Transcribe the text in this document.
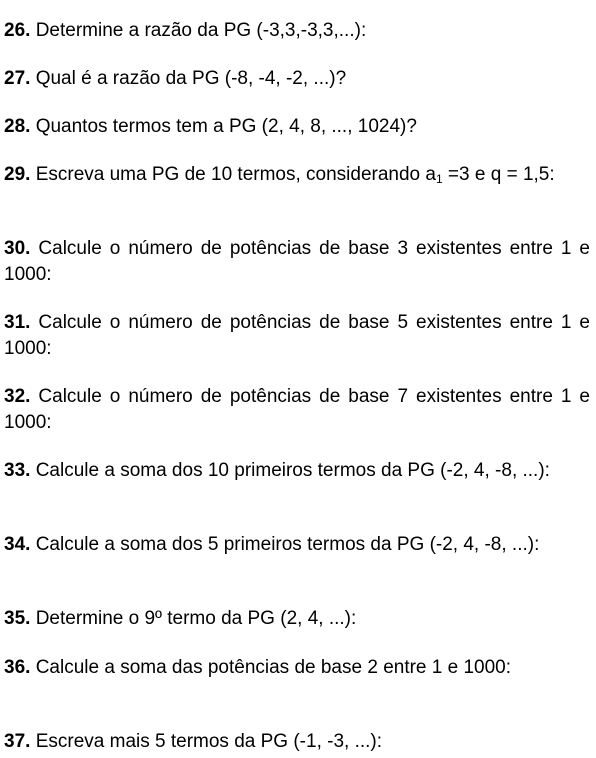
26. Determine a razão da PG (-3,3,-3,3,...):
27. Qual é a razão da PG (-8, -4, -2, ...)?
28. Quantos termos tem a PG (2, 4, 8, ..., 1024)?
29. Escreva uma PG de 10 termos, considerando $a_1 =3$ e q = 1,5:
30. Calcule o número de potências de base 3 existentes entre 1 e 1000:
31. Calcule o número de potências de base 5 existentes entre 1 e 1000:
32. Calcule o número de potências de base 7 existentes entre 1 e 1000:
33. Calcule a soma dos 10 primeiros termos da PG (-2, 4, -8, ...):
34. Calcule a soma dos 5 primeiros termos da PG (-2, 4, -8, ...):
35. Determine o 9º termo da PG (2, 4, ...):
36. Calcule a soma das potências de base 2 entre 1 e 1000:
37. Escreva mais 5 termos da PG (-1, -3, ...):
